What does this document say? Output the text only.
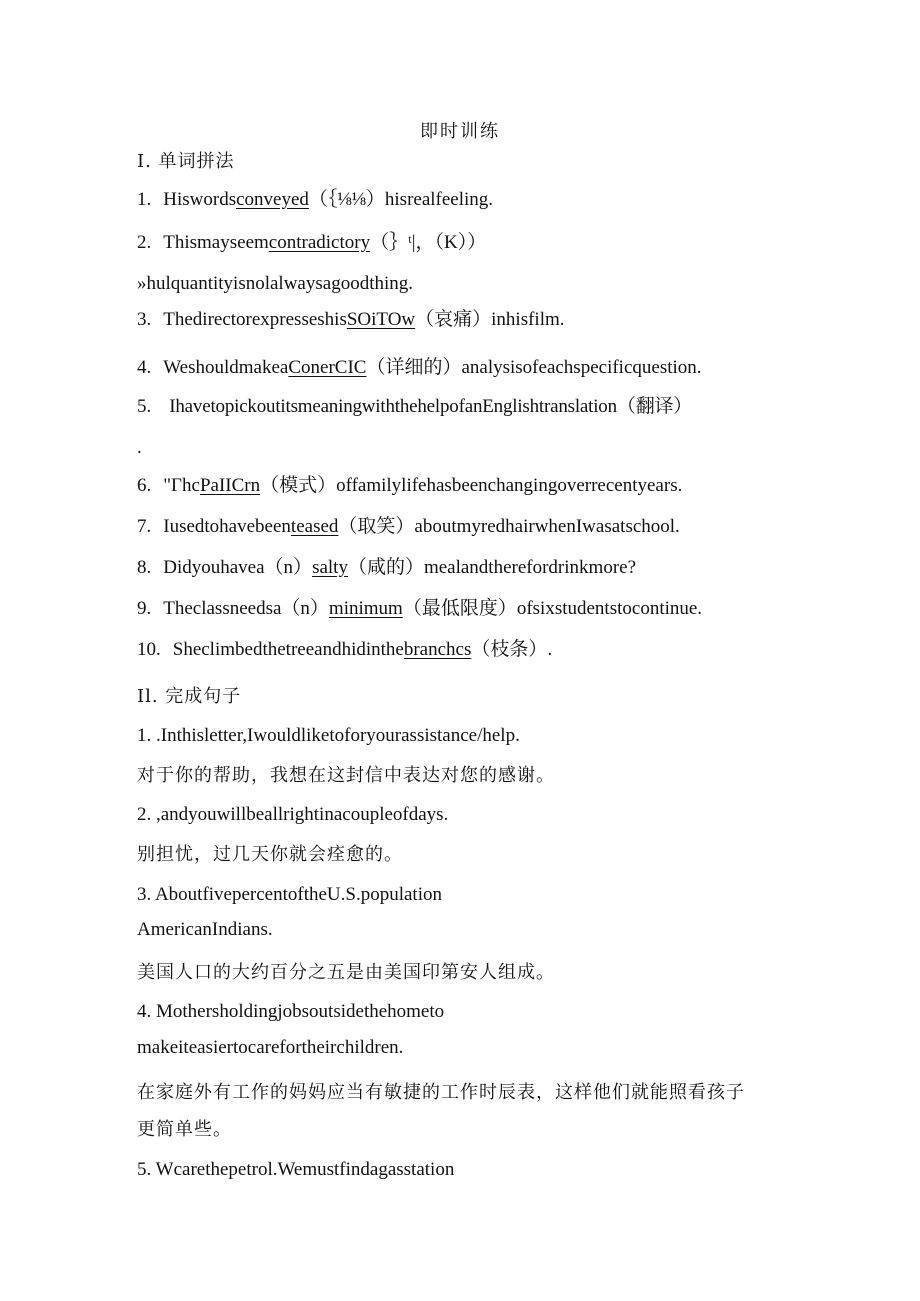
即时训练
I. 单词拼法
1. Hiswordsconveyed（｛⅛⅛）hisrealfeeling.
2. Thismayseemcontradictory（｝ᵗ|，（K））
»hulquantityisnolalwaysagoodthing.
3. ThedirectorexpresseshisSOiTOw（哀痛）inhisfilm.
4. WeshouldmakeaConerCIC（详细的）analysisofeachspecificquestion.
5. IhavetopickoutitsmeaningwiththehelpofanEnglishtranslation（翻译）
.
6. "ΓhcPaIICrn（模式）offamilylifehasbeenchangingoverrecentyears.
7. Iusedtohavebeenteased（取笑）aboutmyredhairwhenIwasatschool.
8. Didyouhavea（n）salty（咸的）mealandtherefordrinkmore?
9. Theclassneedsa（n）minimum（最低限度）ofsixstudentstocontinue.
10. Sheclimbedthetreeandhidinthebranchcs（枝条）.
Il. 完成句子
1. .Inthisletter,Iwouldliketoforyourassistance/help.
对于你的帮助，我想在这封信中表达对您的感谢。
2. ,andyouwillbeallrightinacoupleofdays.
别担忧，过几天你就会痊愈的。
3. AboutfivepercentoftheU.S.population
AmericanIndians.
美国人口的大约百分之五是由美国印第安人组成。
4. Mothersholdingjobsoutsidethehometo
makeiteasiertocarefortheirchildren.
在家庭外有工作的妈妈应当有敏捷的工作时辰表，这样他们就能照看孩子
更简单些。
5. Wcarethepetrol.Wemustfindagasstation
